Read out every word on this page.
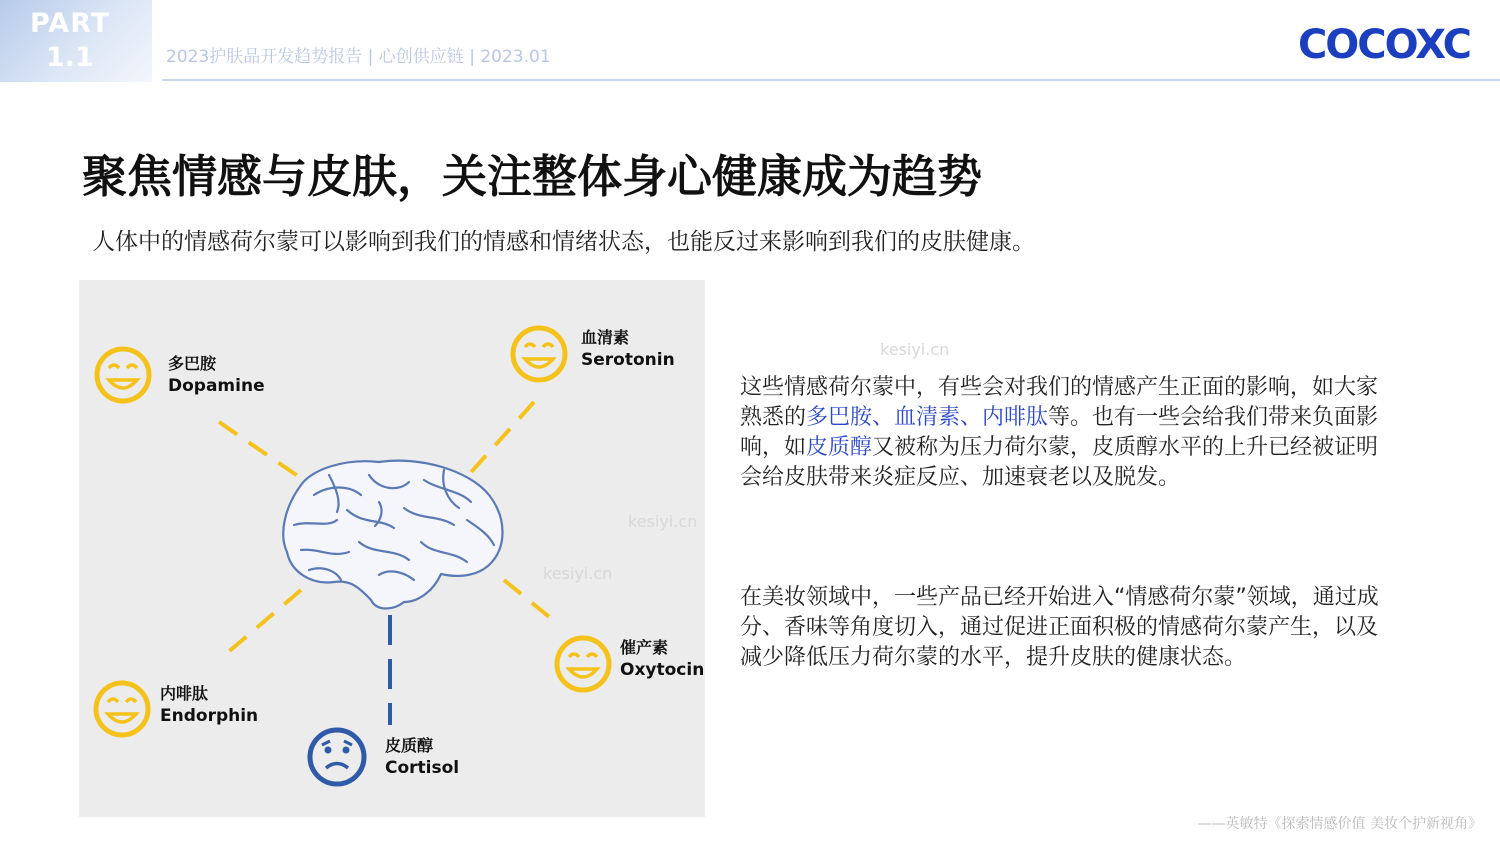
PART
1.1	2023护肤品开发趋势报告 | 心创供应链 | 2023.01	COCOXC
聚焦情感与皮肤，关注整体身心健康成为趋势
人体中的情感荷尔蒙可以影响到我们的情感和情绪状态，也能反过来影响到我们的皮肤健康。
多巴胺
Dopamine
血清素
Serotonin
催产素
Oxytocin
内啡肽
Endorphin
皮质醇
Cortisol
kesiyi.cn
kesiyi.cn
kesiyi.cn
这些情感荷尔蒙中，有些会对我们的情感产生正面的影响，如大家熟悉的多巴胺、血清素、内啡肽等。也有一些会给我们带来负面影响，如皮质醇又被称为压力荷尔蒙，皮质醇水平的上升已经被证明会给皮肤带来炎症反应、加速衰老以及脱发。
在美妆领域中，一些产品已经开始进入“情感荷尔蒙”领域，通过成分、香味等角度切入，通过促进正面积极的情感荷尔蒙产生，以及减少降低压力荷尔蒙的水平，提升皮肤的健康状态。
——英敏特《探索情感价值 美妆个护新视角》
